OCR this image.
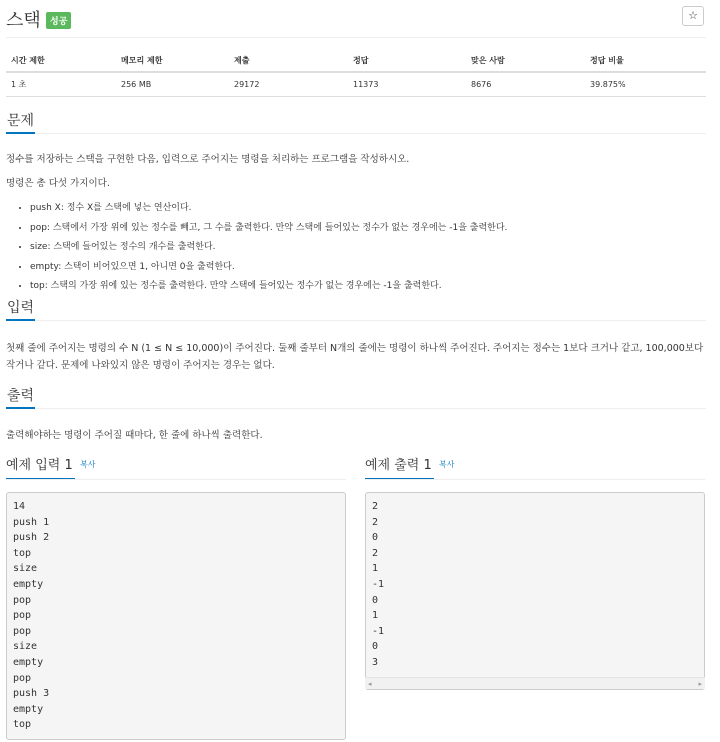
스택	성공	☆
시간 제한	메모리 제한	제출	정답	맞은 사람	정답 비율
1 초	256 MB	29172	11373	8676	39.875%
문제
정수를 저장하는 스택을 구현한 다음, 입력으로 주어지는 명령을 처리하는 프로그램을 작성하시오.
명령은 총 다섯 가지이다.
• push X: 정수 X를 스택에 넣는 연산이다.
• pop: 스택에서 가장 위에 있는 정수를 빼고, 그 수를 출력한다. 만약 스택에 들어있는 정수가 없는 경우에는 -1을 출력한다.
• size: 스택에 들어있는 정수의 개수를 출력한다.
• empty: 스택이 비어있으면 1, 아니면 0을 출력한다.
• top: 스택의 가장 위에 있는 정수를 출력한다. 만약 스택에 들어있는 정수가 없는 경우에는 -1을 출력한다.
입력
첫째 줄에 주어지는 명령의 수 N (1 ≤ N ≤ 10,000)이 주어진다. 둘째 줄부터 N개의 줄에는 명령이 하나씩 주어진다. 주어지는 정수는 1보다 크거나 같고, 100,000보다 작거나 같다. 문제에 나와있지 않은 명령이 주어지는 경우는 없다.
출력
출력해야하는 명령이 주어질 때마다, 한 줄에 하나씩 출력한다.
예제 입력 1 $^{복사}$	예제 출력 1 $^{복사}$
14
push 1
push 2
top
size
empty
pop
pop
pop
size
empty
pop
push 3
empty
top
2
2
0
2
1
-1
0
1
-1
0
3
◂	▸
